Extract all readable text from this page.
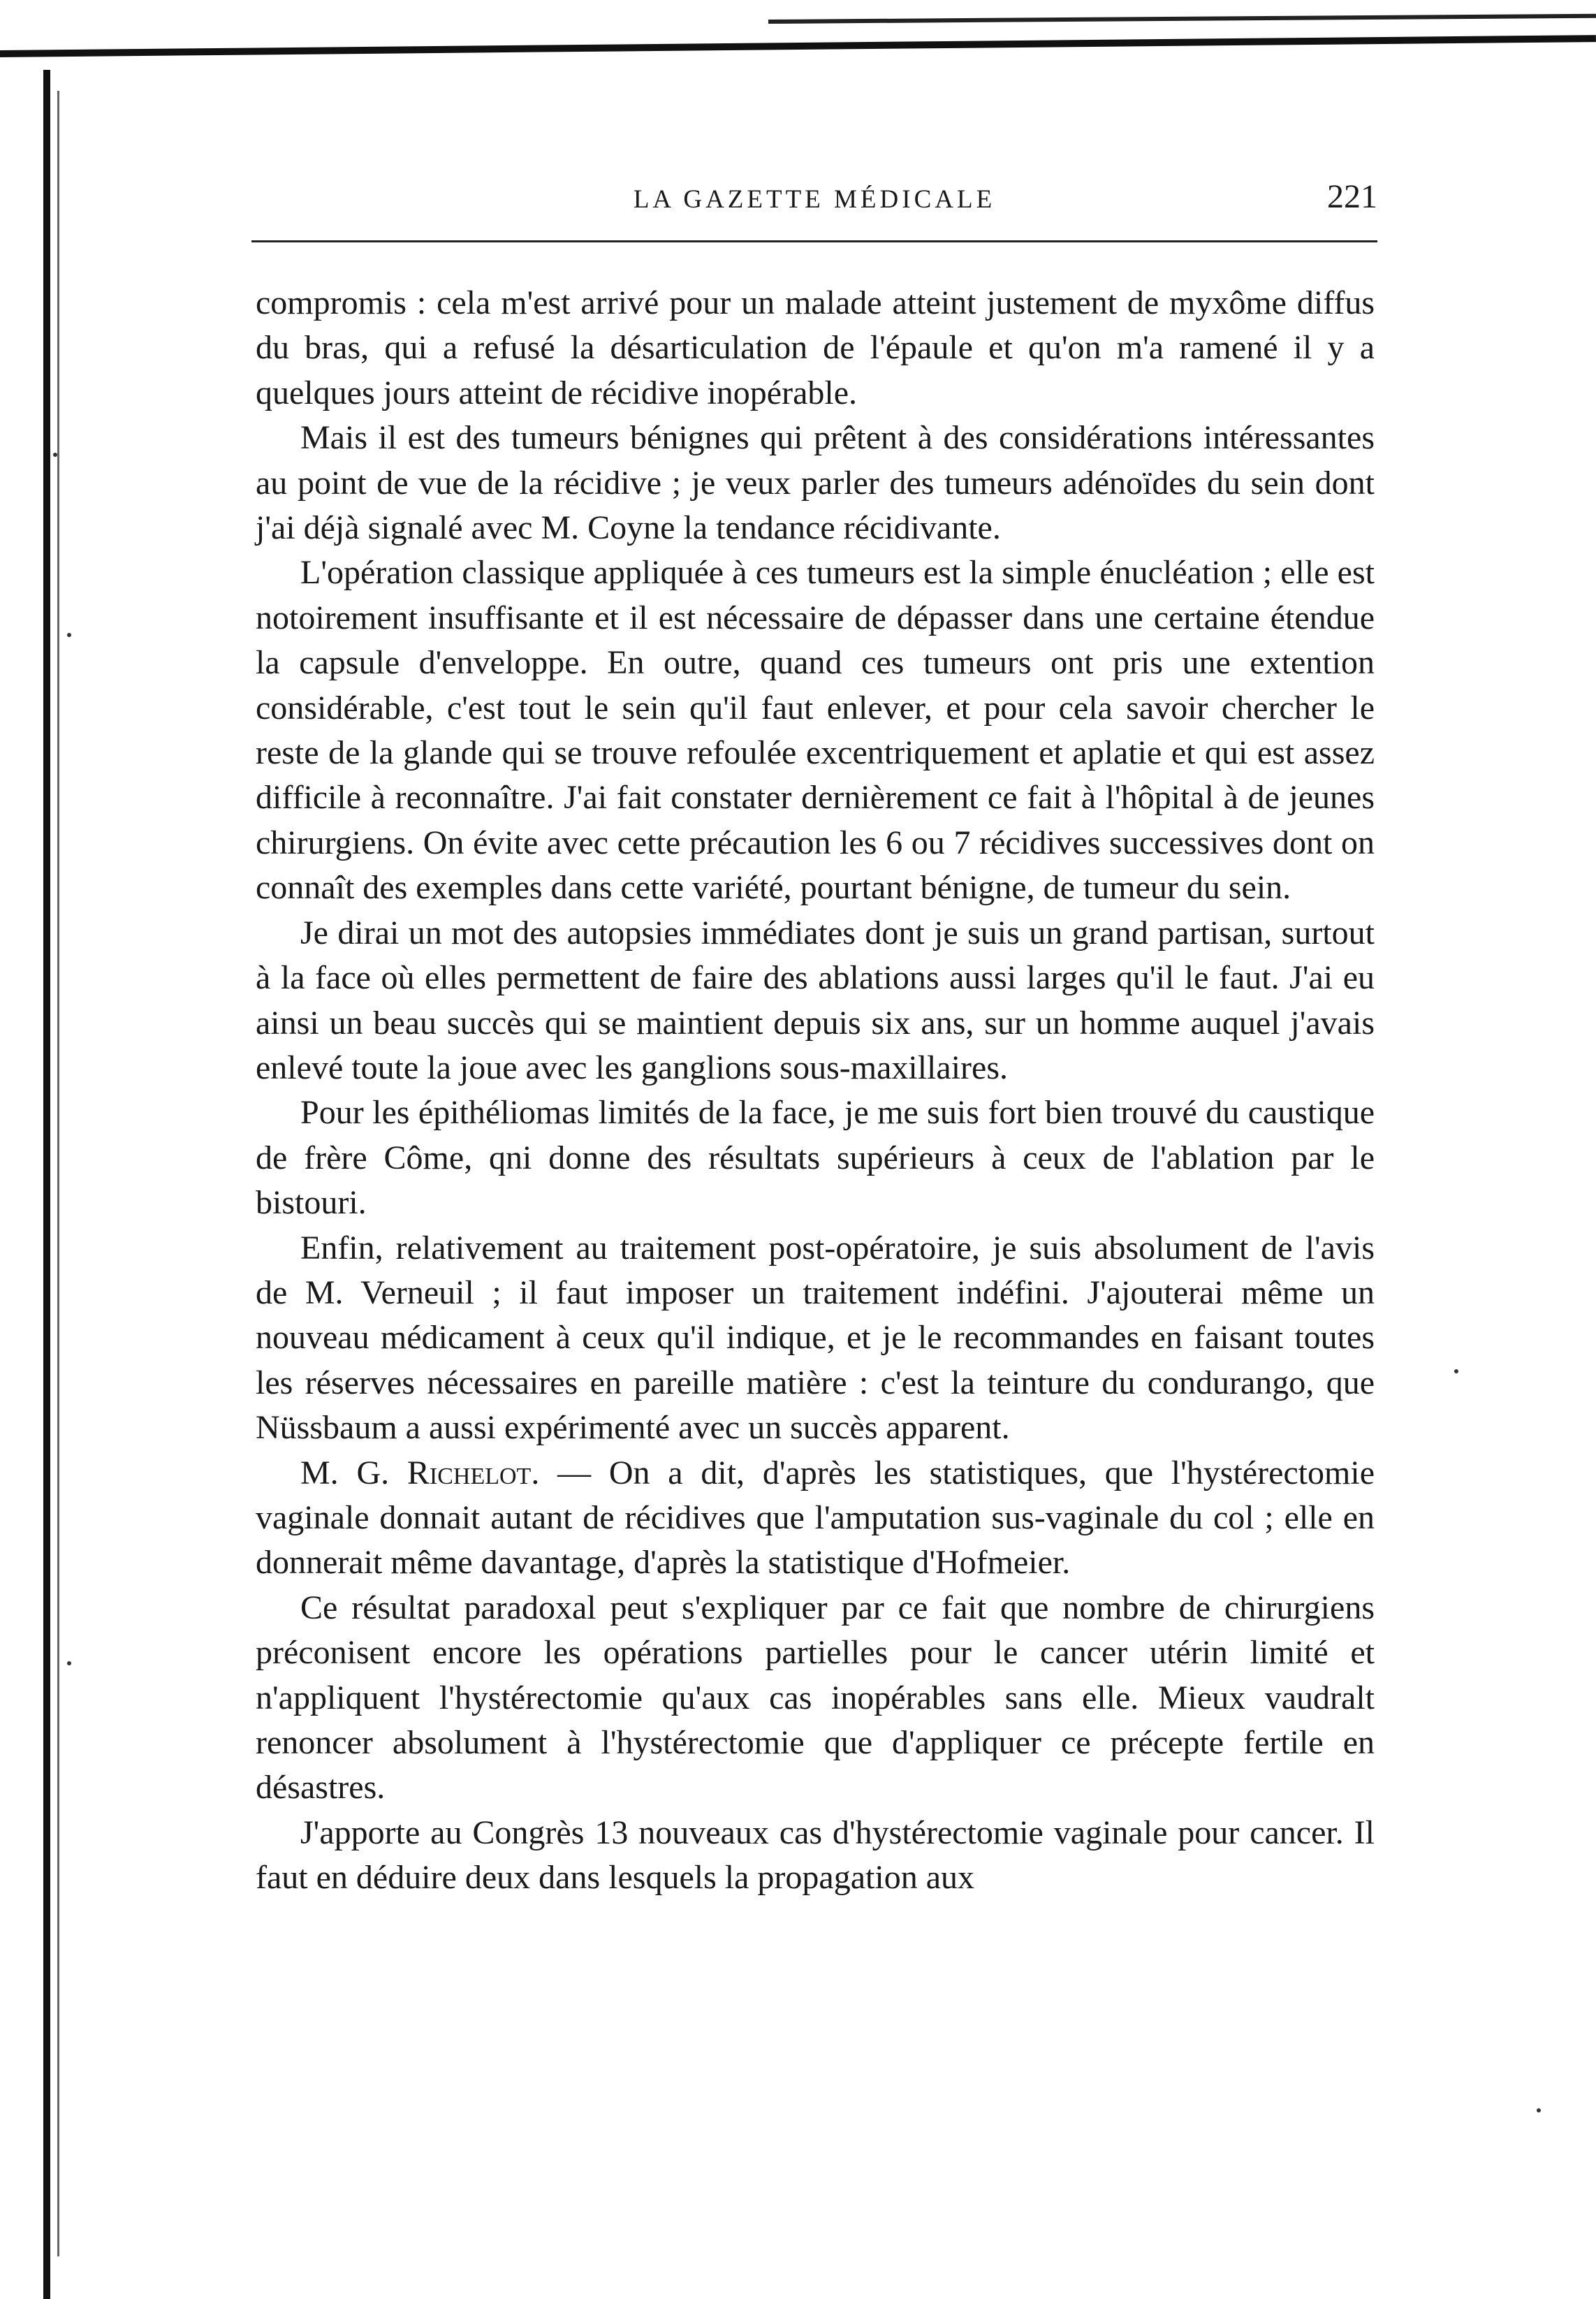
LA GAZETTE MÉDICALE	221

compromis : cela m'est arrivé pour un malade atteint justement de myxôme diffus du bras, qui a refusé la désarticulation de l'épaule et qu'on m'a ramené il y a quelques jours atteint de récidive inopérable.

Mais il est des tumeurs bénignes qui prêtent à des considérations intéressantes au point de vue de la récidive ; je veux parler des tumeurs adénoïdes du sein dont j'ai déjà signalé avec M. Coyne la tendance récidivante.

L'opération classique appliquée à ces tumeurs est la simple énucléation ; elle est notoirement insuffisante et il est nécessaire de dépasser dans une certaine étendue la capsule d'enveloppe. En outre, quand ces tumeurs ont pris une extention considérable, c'est tout le sein qu'il faut enlever, et pour cela savoir chercher le reste de la glande qui se trouve refoulée excentriquement et aplatie et qui est assez difficile à reconnaître. J'ai fait constater dernièrement ce fait à l'hôpital à de jeunes chirurgiens. On évite avec cette précaution les 6 ou 7 récidives successives dont on connaît des exemples dans cette variété, pourtant bénigne, de tumeur du sein.

Je dirai un mot des autopsies immédiates dont je suis un grand partisan, surtout à la face où elles permettent de faire des ablations aussi larges qu'il le faut. J'ai eu ainsi un beau succès qui se maintient depuis six ans, sur un homme auquel j'avais enlevé toute la joue avec les ganglions sous-maxillaires.

Pour les épithéliomas limités de la face, je me suis fort bien trouvé du caustique de frère Côme, qni donne des résultats supérieurs à ceux de l'ablation par le bistouri.

Enfin, relativement au traitement post-opératoire, je suis absolument de l'avis de M. Verneuil ; il faut imposer un traitement indéfini. J'ajouterai même un nouveau médicament à ceux qu'il indique, et je le recommandes en faisant toutes les réserves nécessaires en pareille matière : c'est la teinture du condurango, que Nüssbaum a aussi expérimenté avec un succès apparent.

M. G. Richelot. — On a dit, d'après les statistiques, que l'hystérectomie vaginale donnait autant de récidives que l'amputation sus-vaginale du col ; elle en donnerait même davantage, d'après la statistique d'Hofmeier.

Ce résultat paradoxal peut s'expliquer par ce fait que nombre de chirurgiens préconisent encore les opérations partielles pour le cancer utérin limité et n'appliquent l'hystérectomie qu'aux cas inopérables sans elle. Mieux vaudralt renoncer absolument à l'hystérectomie que d'appliquer ce précepte fertile en désastres.

J'apporte au Congrès 13 nouveaux cas d'hystérectomie vaginale pour cancer. Il faut en déduire deux dans lesquels la propagation aux
